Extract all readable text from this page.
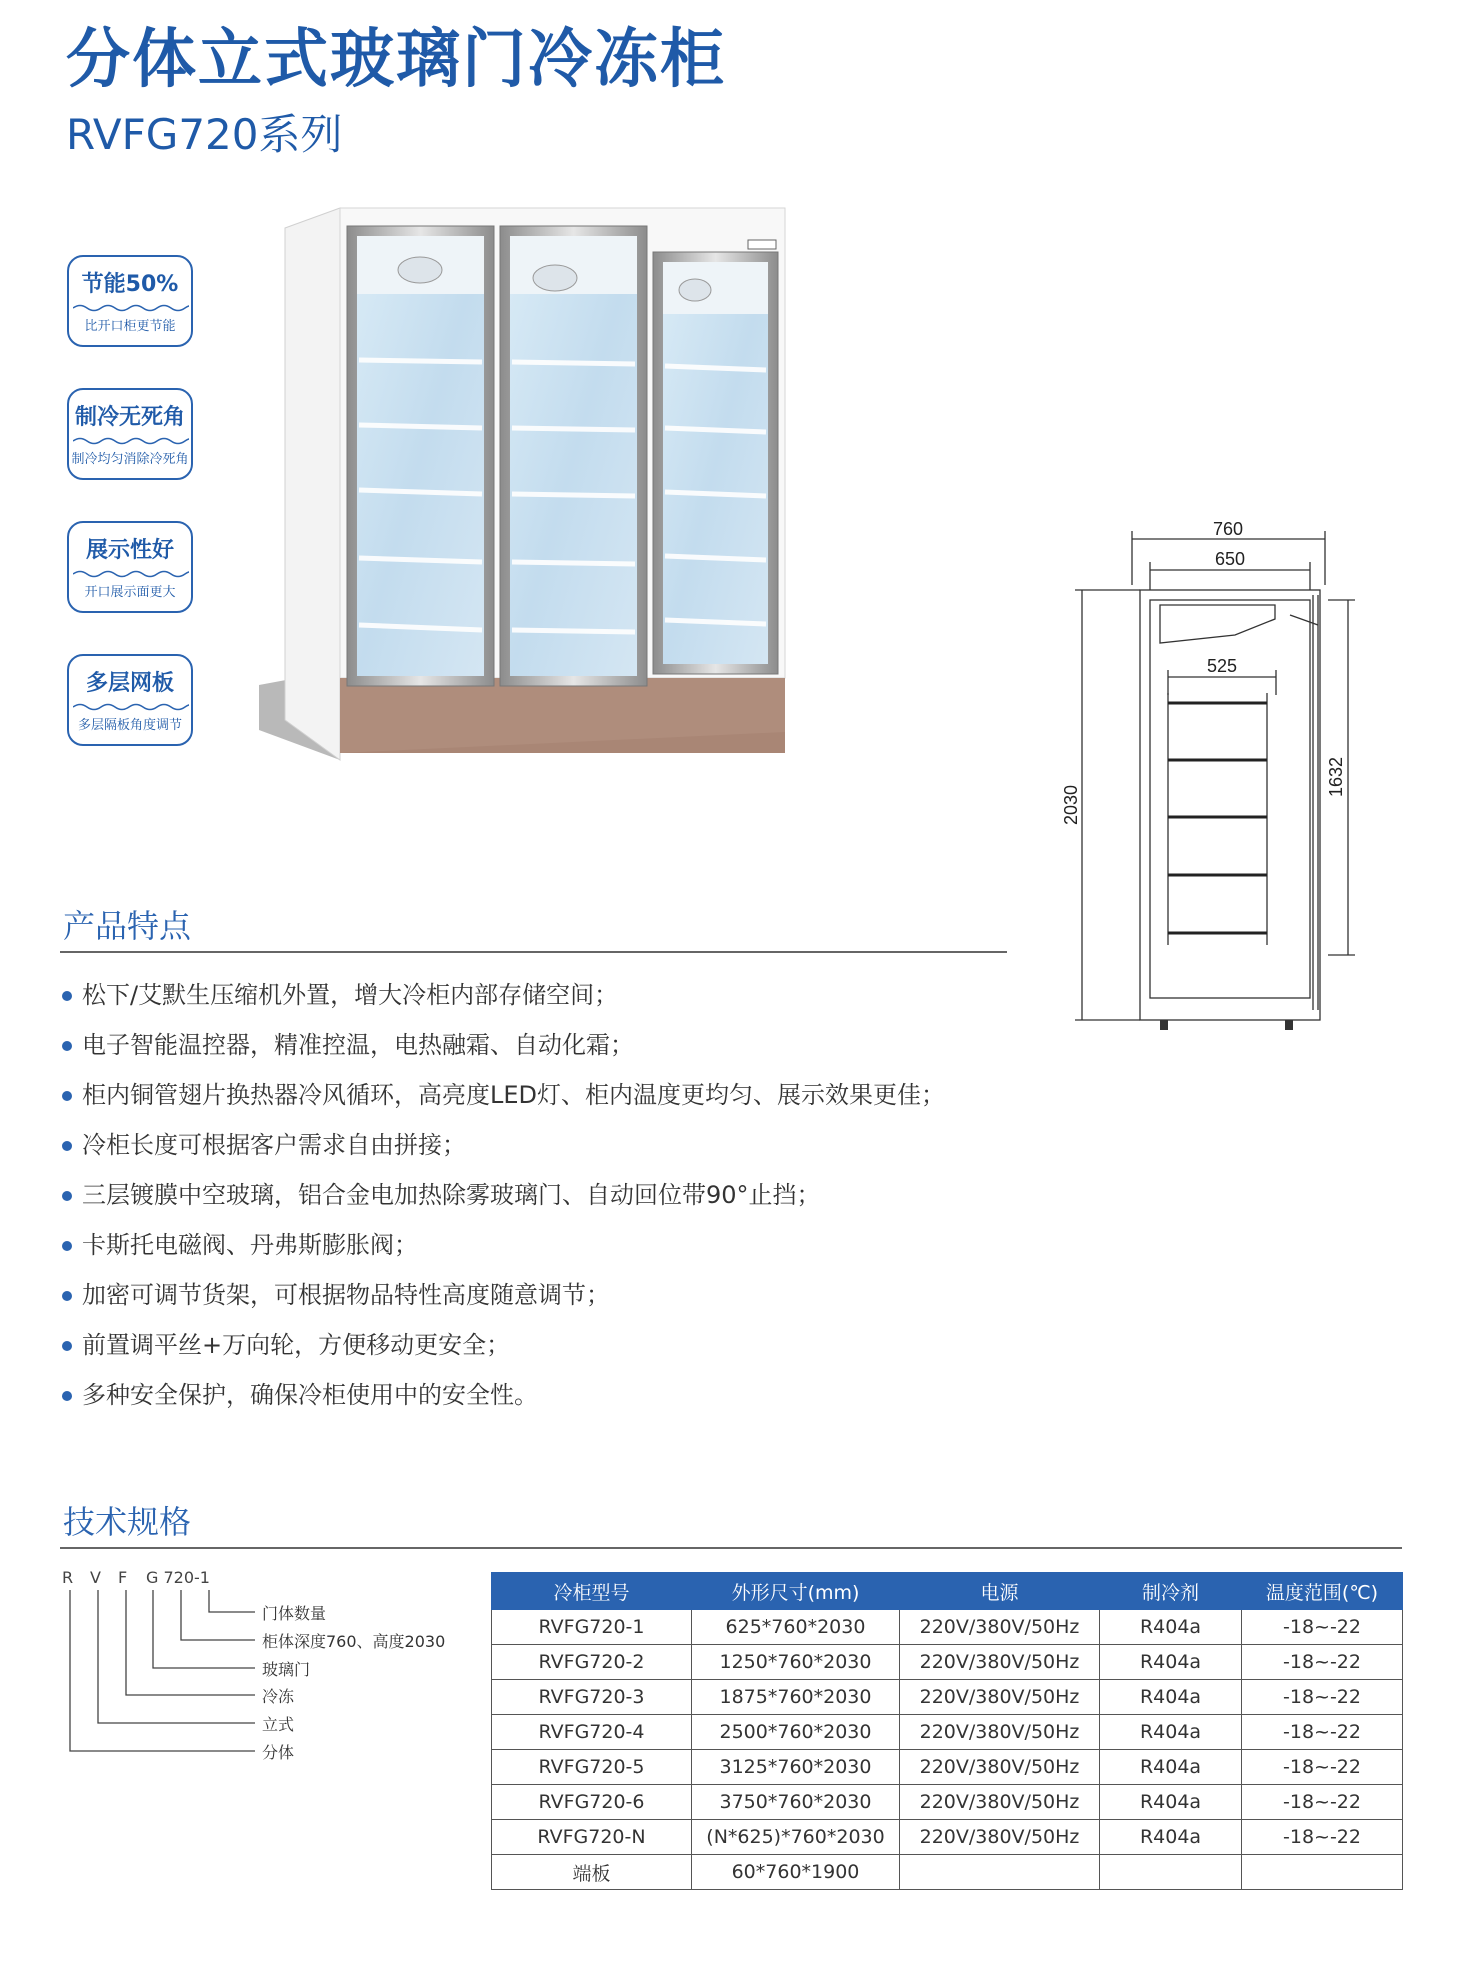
分体立式玻璃门冷冻柜
RVFG720系列
节能50%
比开口柜更节能
制冷无死角
制冷均匀消除冷死角
展示性好
开口展示面更大
多层网板
多层隔板角度调节
760
650
525
1632
2030
产品特点
松下/艾默生压缩机外置，增大冷柜内部存储空间；
电子智能温控器，精准控温，电热融霜、自动化霜；
柜内铜管翅片换热器冷风循环，高亮度LED灯、柜内温度更均匀、展示效果更佳；
冷柜长度可根据客户需求自由拼接；
三层镀膜中空玻璃，铝合金电加热除雾玻璃门、自动回位带90°止挡；
卡斯托电磁阀、丹弗斯膨胀阀；
加密可调节货架，可根据物品特性高度随意调节；
前置调平丝+万向轮，方便移动更安全；
多种安全保护，确保冷柜使用中的安全性。
技术规格
R V F G 720-1
门体数量
柜体深度760、高度2030
玻璃门
冷冻
立式
分体
冷柜型号	外形尺寸(mm)	电源	制冷剂	温度范围(℃)
RVFG720-1	625*760*2030	220V/380V/50Hz	R404a	-18~-22
RVFG720-2	1250*760*2030	220V/380V/50Hz	R404a	-18~-22
RVFG720-3	1875*760*2030	220V/380V/50Hz	R404a	-18~-22
RVFG720-4	2500*760*2030	220V/380V/50Hz	R404a	-18~-22
RVFG720-5	3125*760*2030	220V/380V/50Hz	R404a	-18~-22
RVFG720-6	3750*760*2030	220V/380V/50Hz	R404a	-18~-22
RVFG720-N	(N*625)*760*2030	220V/380V/50Hz	R404a	-18~-22
端板	60*760*1900			
